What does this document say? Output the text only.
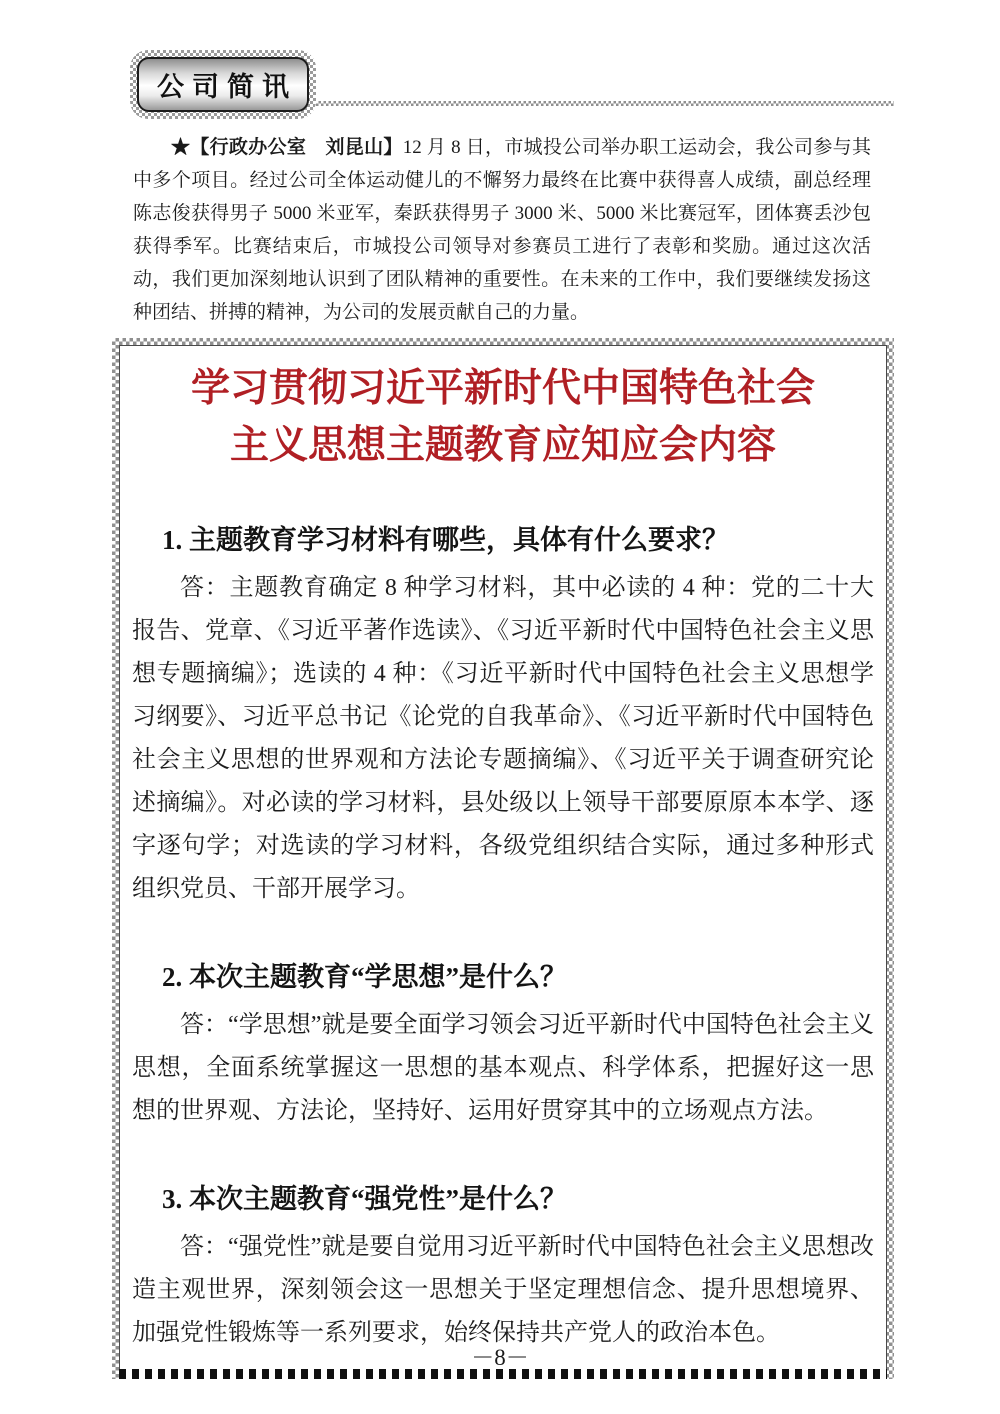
公司简讯

★【行政办公室　刘昆山】12 月 8 日，市城投公司举办职工运动会，我公司参与其中多个项目。经过公司全体运动健儿的不懈努力最终在比赛中获得喜人成绩，副总经理陈志俊获得男子 5000 米亚军，秦跃获得男子 3000 米、5000 米比赛冠军，团体赛丢沙包获得季军。比赛结束后，市城投公司领导对参赛员工进行了表彰和奖励。通过这次活动，我们更加深刻地认识到了团队精神的重要性。在未来的工作中，我们要继续发扬这种团结、拼搏的精神，为公司的发展贡献自己的力量。

学习贯彻习近平新时代中国特色社会
主义思想主题教育应知应会内容
1. 主题教育学习材料有哪些，具体有什么要求？

答：主题教育确定 8 种学习材料，其中必读的 4 种：党的二十大报告、党章、《习近平著作选读》、《习近平新时代中国特色社会主义思想专题摘编》；选读的 4 种：《习近平新时代中国特色社会主义思想学习纲要》、习近平总书记《论党的自我革命》、《习近平新时代中国特色社会主义思想的世界观和方法论专题摘编》、《习近平关于调查研究论述摘编》。对必读的学习材料，县处级以上领导干部要原原本本学、逐字逐句学；对选读的学习材料，各级党组织结合实际，通过多种形式组织党员、干部开展学习。

2. 本次主题教育“学思想”是什么？

答：“学思想”就是要全面学习领会习近平新时代中国特色社会主义思想，全面系统掌握这一思想的基本观点、科学体系，把握好这一思想的世界观、方法论，坚持好、运用好贯穿其中的立场观点方法。

3. 本次主题教育“强党性”是什么？

答：“强党性”就是要自觉用习近平新时代中国特色社会主义思想改造主观世界，深刻领会这一思想关于坚定理想信念、提升思想境界、加强党性锻炼等一系列要求，始终保持共产党人的政治本色。

－8－
